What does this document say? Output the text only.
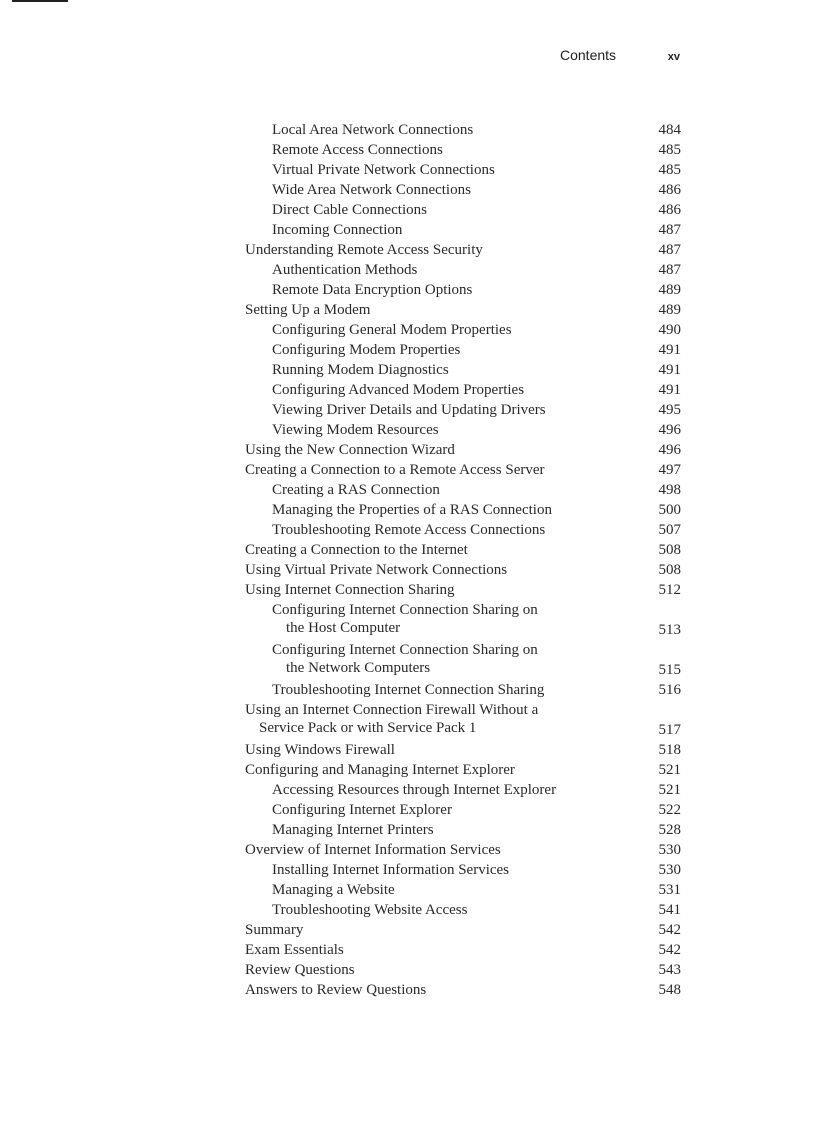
Contents	xv
Local Area Network Connections	484
Remote Access Connections	485
Virtual Private Network Connections	485
Wide Area Network Connections	486
Direct Cable Connections	486
Incoming Connection	487
Understanding Remote Access Security	487
Authentication Methods	487
Remote Data Encryption Options	489
Setting Up a Modem	489
Configuring General Modem Properties	490
Configuring Modem Properties	491
Running Modem Diagnostics	491
Configuring Advanced Modem Properties	491
Viewing Driver Details and Updating Drivers	495
Viewing Modem Resources	496
Using the New Connection Wizard	496
Creating a Connection to a Remote Access Server	497
Creating a RAS Connection	498
Managing the Properties of a RAS Connection	500
Troubleshooting Remote Access Connections	507
Creating a Connection to the Internet	508
Using Virtual Private Network Connections	508
Using Internet Connection Sharing	512
Configuring Internet Connection Sharing on
the Host Computer	513
Configuring Internet Connection Sharing on
the Network Computers	515
Troubleshooting Internet Connection Sharing	516
Using an Internet Connection Firewall Without a
Service Pack or with Service Pack 1	517
Using Windows Firewall	518
Configuring and Managing Internet Explorer	521
Accessing Resources through Internet Explorer	521
Configuring Internet Explorer	522
Managing Internet Printers	528
Overview of Internet Information Services	530
Installing Internet Information Services	530
Managing a Website	531
Troubleshooting Website Access	541
Summary	542
Exam Essentials	542
Review Questions	543
Answers to Review Questions	548
